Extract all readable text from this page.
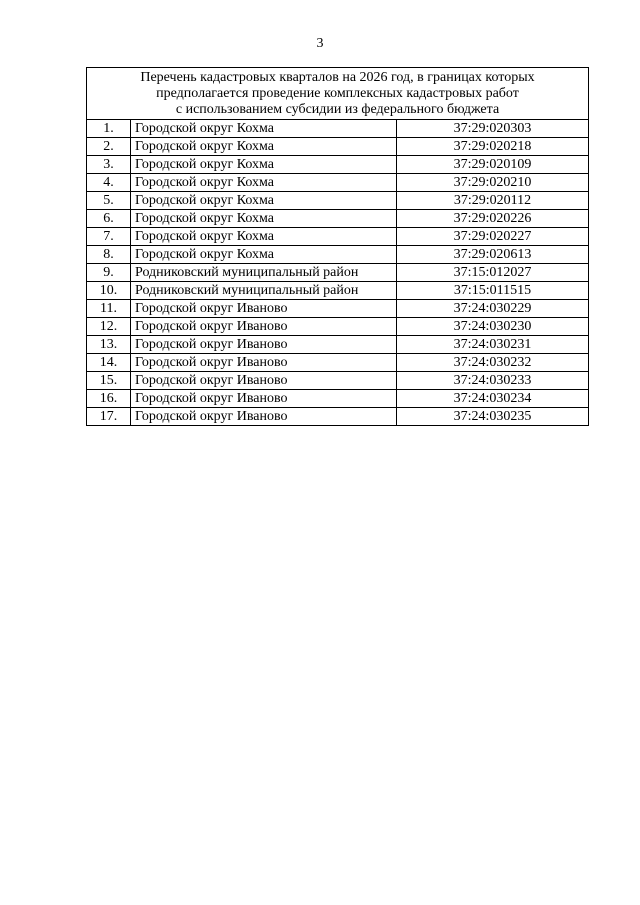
3
Перечень кадастровых кварталов на 2026 год, в границах которых
предполагается проведение комплексных кадастровых работ
с использованием субсидии из федерального бюджета		

1.	Городской округ Кохма	37:29:020303
2.	Городской округ Кохма	37:29:020218
3.	Городской округ Кохма	37:29:020109
4.	Городской округ Кохма	37:29:020210
5.	Городской округ Кохма	37:29:020112
6.	Городской округ Кохма	37:29:020226
7.	Городской округ Кохма	37:29:020227
8.	Городской округ Кохма	37:29:020613
9.	Родниковский муниципальный район	37:15:012027
10.	Родниковский муниципальный район	37:15:011515
11.	Городской округ Иваново	37:24:030229
12.	Городской округ Иваново	37:24:030230
13.	Городской округ Иваново	37:24:030231
14.	Городской округ Иваново	37:24:030232
15.	Городской округ Иваново	37:24:030233
16.	Городской округ Иваново	37:24:030234
17.	Городской округ Иваново	37:24:030235
